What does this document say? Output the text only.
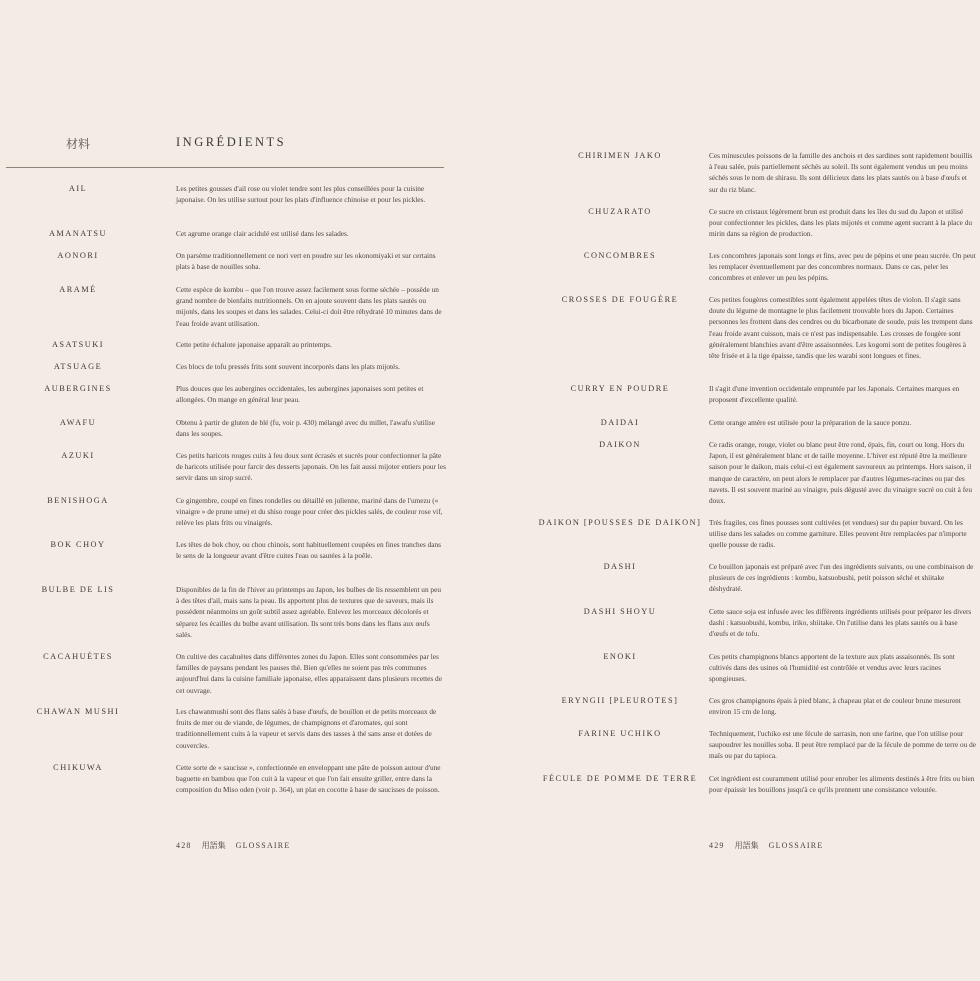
材料	INGRÉDIENTS
AIL	Les petites gousses d'ail rose ou violet tendre sont les plus conseillées pour la cuisine japonaise. On les utilise surtout pour les plats d'influence chinoise et pour les pickles.
AMANATSU	Cet agrume orange clair acidulé est utilisé dans les salades.
AONORI	On parsème traditionnellement ce nori vert en poudre sur les okonomiyaki et sur certains plats à base de nouilles soba.
ARAMÉ	Cette espèce de kombu – que l'on trouve assez facilement sous forme séchée – possède un grand nombre de bienfaits nutritionnels. On en ajoute souvent dans les plats sautés ou mijotés, dans les soupes et dans les salades. Celui-ci doit être réhydraté 10 minutes dans de l'eau froide avant utilisation.
ASATSUKI	Cette petite échalote japonaise apparaît au printemps.
ATSUAGE	Ces blocs de tofu pressés frits sont souvent incorporés dans les plats mijotés.
AUBERGINES	Plus douces que les aubergines occidentales, les aubergines japonaises sont petites et allongées. On mange en général leur peau.
AWAFU	Obtenu à partir de gluten de blé (fu, voir p. 430) mélangé avec du millet, l'awafu s'utilise dans les soupes.
AZUKI	Ces petits haricots rouges cuits à feu doux sont écrasés et sucrés pour confectionner la pâte de haricots utilisée pour farcir des desserts japonais. On les fait aussi mijoter entiers pour les servir dans un sirop sucré.
BENISHOGA	Ce gingembre, coupé en fines rondelles ou détaillé en julienne, mariné dans de l'umezu (« vinaigre » de prune ume) et du shiso rouge pour créer des pickles salés, de couleur rose vif, relève les plats frits ou vinaigrés.
BOK CHOY	Les têtes de bok choy, ou chou chinois, sont habituellement coupées en fines tranches dans le sens de la longueur avant d'être cuites l'eau ou sautées à la poêle.
BULBE DE LIS	Disponibles de la fin de l'hiver au printemps au Japon, les bulbes de lis ressemblent un peu à des têtes d'ail, mais sans la peau. Ils apportent plus de textures que de saveurs, mais ils possèdent néanmoins un goût subtil assez agréable. Enlevez les morceaux décolorés et séparez les écailles du bulbe avant utilisation. Ils sont très bons dans les flans aux œufs salés.
CACAHUÈTES	On cultive des cacahuètes dans différentes zones du Japon. Elles sont consommées par les familles de paysans pendant les pauses thé. Bien qu'elles ne soient pas très communes aujourd'hui dans la cuisine familiale japonaise, elles apparaissent dans plusieurs recettes de cet ouvrage.
CHAWAN MUSHI	Les chawanmushi sont des flans salés à base d'œufs, de bouillon et de petits morceaux de fruits de mer ou de viande, de légumes, de champignons et d'aromates, qui sont traditionnellement cuits à la vapeur et servis dans des tasses à thé sans anse et dotées de couvercles.
CHIKUWA	Cette sorte de « saucisse », confectionnée en enveloppant une pâte de poisson autour d'une baguette en bambou que l'on cuit à la vapeur et que l'on fait ensuite griller, entre dans la composition du Miso oden (voir p. 364), un plat en cocotte à base de saucisses de poisson.
428 用語集 GLOSSAIRE
CHIRIMEN JAKO	Ces minuscules poissons de la famille des anchois et des sardines sont rapidement bouillis à l'eau salée, puis partiellement séchés au soleil. Ils sont également vendus un peu moins séchés sous le nom de shirasu. Ils sont délicieux dans les plats sautés ou à base d'œufs et sur du riz blanc.
CHUZARATO	Ce sucre en cristaux légèrement brun est produit dans les îles du sud du Japon et utilisé pour confectionner les pickles, dans les plats mijotés et comme agent sucrant à la place du mirin dans sa région de production.
CONCOMBRES	Les concombres japonais sont longs et fins, avec peu de pépins et une peau sucrée. On peut les remplacer éventuellement par des concombres normaux. Dans ce cas, peler les concombres et enlever un peu les pépins.
CROSSES DE FOUGÈRE	Ces petites fougères comestibles sont également appelées têtes de violon. Il s'agit sans doute du légume de montagne le plus facilement trouvable hors du Japon. Certaines personnes les frottent dans des cendres ou du bicarbonate de soude, puis les trempent dans l'eau froide avant cuisson, mais ce n'est pas indispensable. Les crosses de fougère sont généralement blanchies avant d'être assaisonnées. Les kogomi sont de petites fougères à tête frisée et à la tige épaisse, tandis que les warabi sont longues et fines.
CURRY EN POUDRE	Il s'agit d'une invention occidentale empruntée par les Japonais. Certaines marques en proposent d'excellente qualité.
DAIDAI	Cette orange amère est utilisée pour la préparation de la sauce ponzu.
DAIKON	Ce radis orange, rouge, violet ou blanc peut être rond, épais, fin, court ou long. Hors du Japon, il est généralement blanc et de taille moyenne. L'hiver est réputé être la meilleure saison pour le daikon, mais celui-ci est également savoureux au printemps. Hors saison, il manque de caractère, on peut alors le remplacer par d'autres légumes-racines ou par des navets. Il est souvent mariné au vinaigre, puis dégusté avec du vinaigre sucré ou cuit à feu doux.
DAIKON [POUSSES DE DAIKON]	Très fragiles, ces fines pousses sont cultivées (et vendues) sur du papier buvard. On les utilise dans les salades ou comme garniture. Elles peuvent être remplacées par n'importe quelle pousse de radis.
DASHI	Ce bouillon japonais est préparé avec l'un des ingrédients suivants, ou une combinaison de plusieurs de ces ingrédients : kombu, katsuobushi, petit poisson séché et shiitake déshydraté.
DASHI SHOYU	Cette sauce soja est infusée avec les différents ingrédients utilisés pour préparer les divers dashi : katsuobushi, kombu, iriko, shiitake. On l'utilise dans les plats sautés ou à base d'œufs et de tofu.
ENOKI	Ces petits champignons blancs apportent de la texture aux plats assaisonnés. Ils sont cultivés dans des usines où l'humidité est contrôlée et vendus avec leurs racines spongieuses.
ERYNGII [PLEUROTES]	Ces gros champignons épais à pied blanc, à chapeau plat et de couleur brune mesurent environ 15 cm de long.
FARINE UCHIKO	Techniquement, l'uchiko est une fécule de sarrasin, non une farine, que l'on utilise pour saupoudrer les nouilles soba. Il peut être remplacé par de la fécule de pomme de terre ou de maïs ou par du tapioca.
FÉCULE DE POMME DE TERRE	Cet ingrédient est couramment utilisé pour enrober les aliments destinés à être frits ou bien pour épaissir les bouillons jusqu'à ce qu'ils prennent une consistance veloutée.
429 用語集 GLOSSAIRE
